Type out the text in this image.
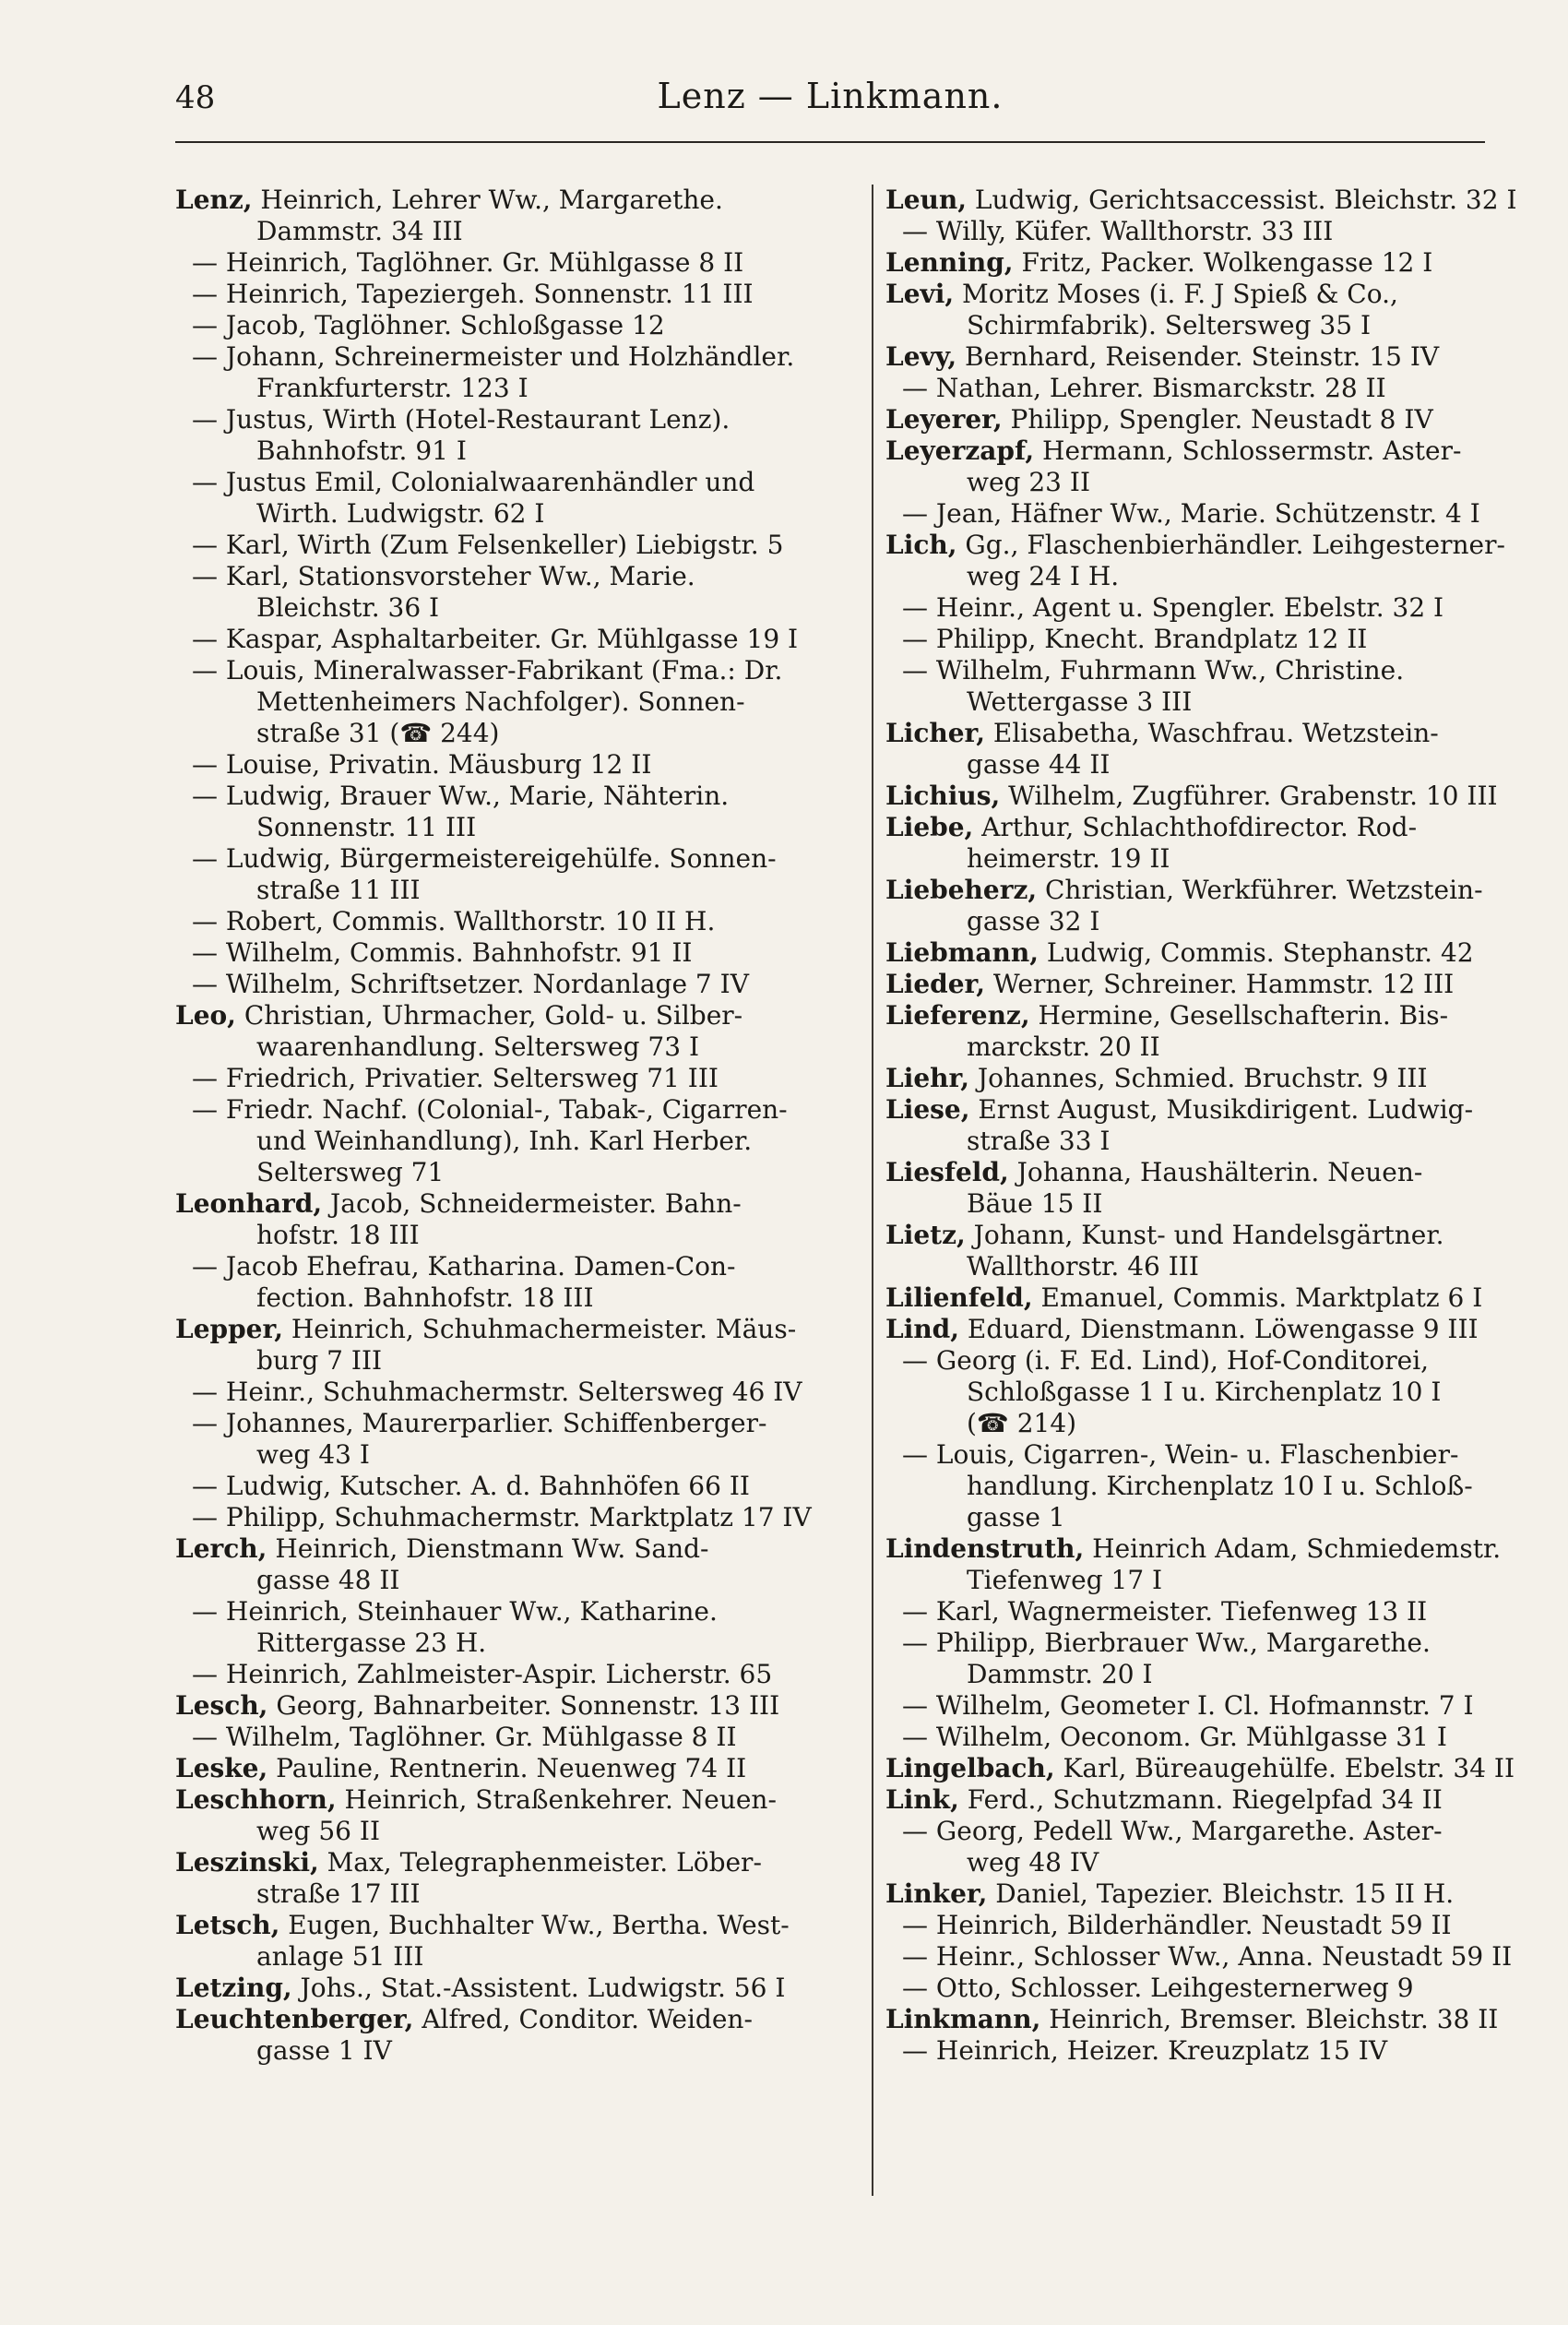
48	Lenz — Linkmann.
Lenz, Heinrich, Lehrer Ww., Margarethe.
Dammstr. 34 III
— Heinrich, Taglöhner. Gr. Mühlgasse 8 II
— Heinrich, Tapeziergeh. Sonnenstr. 11 III
— Jacob, Taglöhner. Schloßgasse 12
— Johann, Schreinermeister und Holzhändler.
Frankfurterstr. 123 I
— Justus, Wirth (Hotel-Restaurant Lenz).
Bahnhofstr. 91 I
— Justus Emil, Colonialwaarenhändler und
Wirth. Ludwigstr. 62 I
— Karl, Wirth (Zum Felsenkeller) Liebigstr. 5
— Karl, Stationsvorsteher Ww., Marie.
Bleichstr. 36 I
— Kaspar, Asphaltarbeiter. Gr. Mühlgasse 19 I
— Louis, Mineralwasser-Fabrikant (Fma.: Dr.
Mettenheimers Nachfolger). Sonnen-
straße 31 (☎ 244)
— Louise, Privatin. Mäusburg 12 II
— Ludwig, Brauer Ww., Marie, Nähterin.
Sonnenstr. 11 III
— Ludwig, Bürgermeistereigehülfe. Sonnen-
straße 11 III
— Robert, Commis. Wallthorstr. 10 II H.
— Wilhelm, Commis. Bahnhofstr. 91 II
— Wilhelm, Schriftsetzer. Nordanlage 7 IV
Leo, Christian, Uhrmacher, Gold- u. Silber-
waarenhandlung. Seltersweg 73 I
— Friedrich, Privatier. Seltersweg 71 III
— Friedr. Nachf. (Colonial-, Tabak-, Cigarren-
und Weinhandlung), Inh. Karl Herber.
Seltersweg 71
Leonhard, Jacob, Schneidermeister. Bahn-
hofstr. 18 III
— Jacob Ehefrau, Katharina. Damen-Con-
fection. Bahnhofstr. 18 III
Lepper, Heinrich, Schuhmachermeister. Mäus-
burg 7 III
— Heinr., Schuhmachermstr. Seltersweg 46 IV
— Johannes, Maurerparlier. Schiffenberger-
weg 43 I
— Ludwig, Kutscher. A. d. Bahnhöfen 66 II
— Philipp, Schuhmachermstr. Marktplatz 17 IV
Lerch, Heinrich, Dienstmann Ww. Sand-
gasse 48 II
— Heinrich, Steinhauer Ww., Katharine.
Rittergasse 23 H.
— Heinrich, Zahlmeister-Aspir. Licherstr. 65
Lesch, Georg, Bahnarbeiter. Sonnenstr. 13 III
— Wilhelm, Taglöhner. Gr. Mühlgasse 8 II
Leske, Pauline, Rentnerin. Neuenweg 74 II
Leschhorn, Heinrich, Straßenkehrer. Neuen-
weg 56 II
Leszinski, Max, Telegraphenmeister. Löber-
straße 17 III
Letsch, Eugen, Buchhalter Ww., Bertha. West-
anlage 51 III
Letzing, Johs., Stat.-Assistent. Ludwigstr. 56 I
Leuchtenberger, Alfred, Conditor. Weiden-
gasse 1 IV
Leun, Ludwig, Gerichtsaccessist. Bleichstr. 32 I
— Willy, Küfer. Wallthorstr. 33 III
Lenning, Fritz, Packer. Wolkengasse 12 I
Levi, Moritz Moses (i. F. J Spieß & Co.,
Schirmfabrik). Seltersweg 35 I
Levy, Bernhard, Reisender. Steinstr. 15 IV
— Nathan, Lehrer. Bismarckstr. 28 II
Leyerer, Philipp, Spengler. Neustadt 8 IV
Leyerzapf, Hermann, Schlossermstr. Aster-
weg 23 II
— Jean, Häfner Ww., Marie. Schützenstr. 4 I
Lich, Gg., Flaschenbierhändler. Leihgesterner-
weg 24 I H.
— Heinr., Agent u. Spengler. Ebelstr. 32 I
— Philipp, Knecht. Brandplatz 12 II
— Wilhelm, Fuhrmann Ww., Christine.
Wettergasse 3 III
Licher, Elisabetha, Waschfrau. Wetzstein-
gasse 44 II
Lichius, Wilhelm, Zugführer. Grabenstr. 10 III
Liebe, Arthur, Schlachthofdirector. Rod-
heimerstr. 19 II
Liebeherz, Christian, Werkführer. Wetzstein-
gasse 32 I
Liebmann, Ludwig, Commis. Stephanstr. 42
Lieder, Werner, Schreiner. Hammstr. 12 III
Lieferenz, Hermine, Gesellschafterin. Bis-
marckstr. 20 II
Liehr, Johannes, Schmied. Bruchstr. 9 III
Liese, Ernst August, Musikdirigent. Ludwig-
straße 33 I
Liesfeld, Johanna, Haushälterin. Neuen-
Bäue 15 II
Lietz, Johann, Kunst- und Handelsgärtner.
Wallthorstr. 46 III
Lilienfeld, Emanuel, Commis. Marktplatz 6 I
Lind, Eduard, Dienstmann. Löwengasse 9 III
— Georg (i. F. Ed. Lind), Hof-Conditorei,
Schloßgasse 1 I u. Kirchenplatz 10 I
(☎ 214)
— Louis, Cigarren-, Wein- u. Flaschenbier-
handlung. Kirchenplatz 10 I u. Schloß-
gasse 1
Lindenstruth, Heinrich Adam, Schmiedemstr.
Tiefenweg 17 I
— Karl, Wagnermeister. Tiefenweg 13 II
— Philipp, Bierbrauer Ww., Margarethe.
Dammstr. 20 I
— Wilhelm, Geometer I. Cl. Hofmannstr. 7 I
— Wilhelm, Oeconom. Gr. Mühlgasse 31 I
Lingelbach, Karl, Büreaugehülfe. Ebelstr. 34 II
Link, Ferd., Schutzmann. Riegelpfad 34 II
— Georg, Pedell Ww., Margarethe. Aster-
weg 48 IV
Linker, Daniel, Tapezier. Bleichstr. 15 II H.
— Heinrich, Bilderhändler. Neustadt 59 II
— Heinr., Schlosser Ww., Anna. Neustadt 59 II
— Otto, Schlosser. Leihgesternerweg 9
Linkmann, Heinrich, Bremser. Bleichstr. 38 II
— Heinrich, Heizer. Kreuzplatz 15 IV
